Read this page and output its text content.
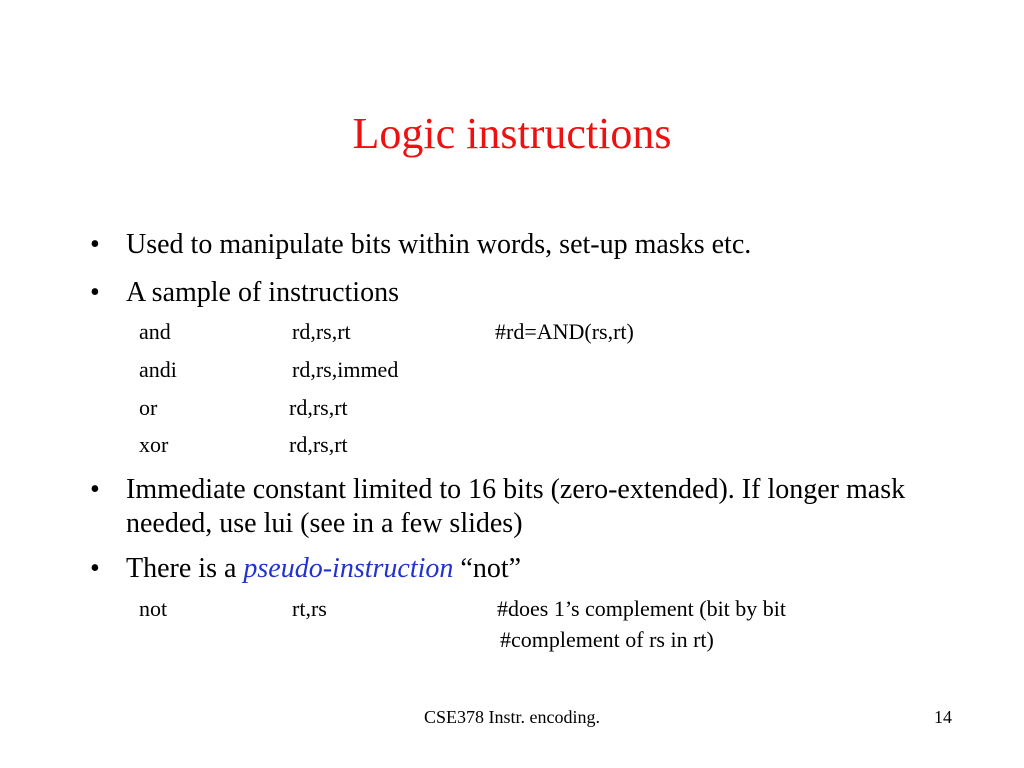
Logic instructions
• Used to manipulate bits within words, set-up masks etc.
• A sample of instructions
and	rd,rs,rt	#rd=AND(rs,rt)
andi	rd,rs,immed
or	rd,rs,rt
xor	rd,rs,rt
• Immediate constant limited to 16 bits (zero-extended). If longer mask needed, use lui (see in a few slides)
• There is a pseudo-instruction “not”
not	rt,rs	#does 1’s complement (bit by bit
#complement of rs in rt)
CSE378 Instr. encoding.	14
